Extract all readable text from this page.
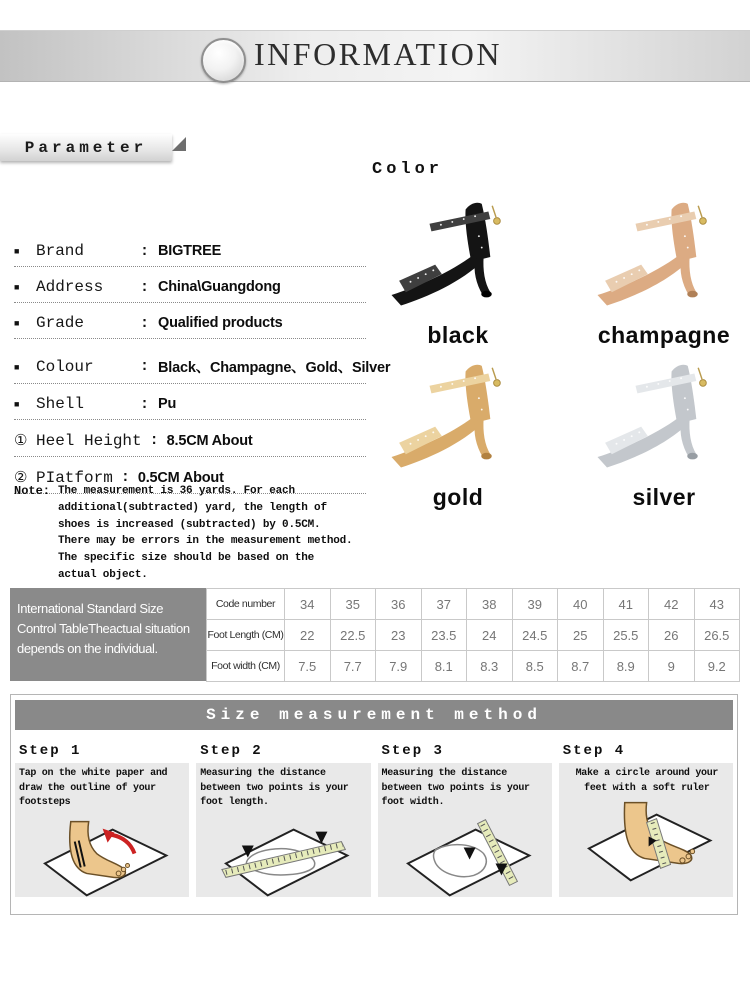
INFORMATION
Parameter
Color
■	Brand	: BIGTREE
■	Address	: China\Guangdong
■	Grade	: Qualified products
■	Colour	: Black、Champagne、Gold、Silver
■	Shell	: Pu
① Heel Height : 8.5CM About
② PIatform : 0.5CM About
Note: The measurement is 36 yards. For each additional(subtracted) yard, the length of shoes is increased (subtracted) by 0.5CM. There may be errors in the measurement method. The specific size should be based on the actual object.
black	champagne
gold	silver
International Standard Size Control TableTheactual situation depends on the individual.
Code number	34	35	36	37	38	39	40	41	42	43
Foot Length (CM)	22	22.5	23	23.5	24	24.5	25	25.5	26	26.5
Foot width (CM)	7.5	7.7	7.9	8.1	8.3	8.5	8.7	8.9	9	9.2
Size measurement method
Step 1
Tap on the white paper and draw the outline of your footsteps
Step 2
Measuring the distance between two points is your foot length.
Step 3
Measuring the distance between two points is your foot width.
Step 4
Make a circle around your feet with a soft ruler
